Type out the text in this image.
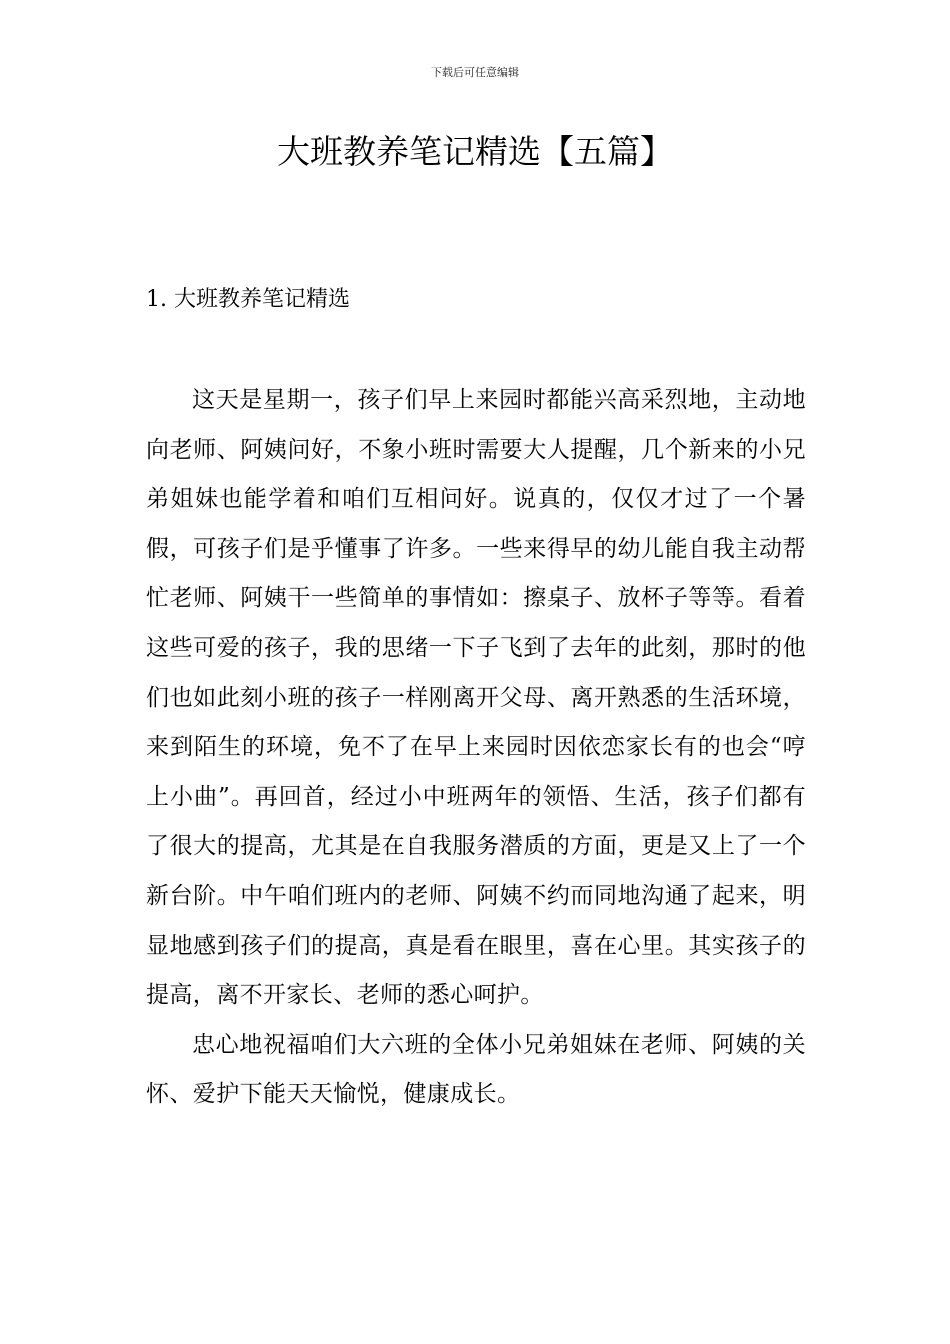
下载后可任意编辑
大班教养笔记精选【五篇】
1. 大班教养笔记精选

这天是星期一，孩子们早上来园时都能兴高采烈地，主动地向老师、阿姨问好，不象小班时需要大人提醒，几个新来的小兄弟姐妹也能学着和咱们互相问好。说真的，仅仅才过了一个暑假，可孩子们是乎懂事了许多。一些来得早的幼儿能自我主动帮忙老师、阿姨干一些简单的事情如：擦桌子、放杯子等等。看着这些可爱的孩子，我的思绪一下子飞到了去年的此刻，那时的他们也如此刻小班的孩子一样刚离开父母、离开熟悉的生活环境，来到陌生的环境，免不了在早上来园时因依恋家长有的也会“哼上小曲”。再回首，经过小中班两年的领悟、生活，孩子们都有了很大的提高，尤其是在自我服务潜质的方面，更是又上了一个新台阶。中午咱们班内的老师、阿姨不约而同地沟通了起来，明显地感到孩子们的提高，真是看在眼里，喜在心里。其实孩子的提高，离不开家长、老师的悉心呵护。

忠心地祝福咱们大六班的全体小兄弟姐妹在老师、阿姨的关怀、爱护下能天天愉悦，健康成长。
